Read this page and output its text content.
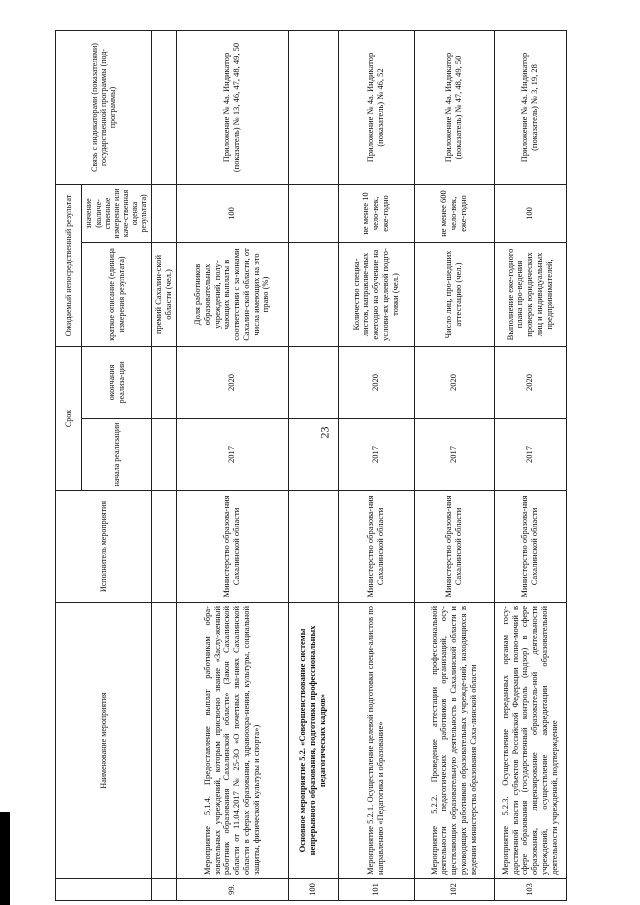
23
	Наименование мероприятия	Исполнитель мероприятия	Срок		Ожидаемый непосредственный результат		Связь с индикаторами (показателями) государственной программы (под-программы)
			начала реализации	окончания реализа-ции	краткое описание (единица измерения результата)	значение (количе-ственные измерение или каче-ственная оценка результата)	
					премий Сахалин-ской области (чел.)		
99.	Мероприятие 5.1.4. Предоставление выплат работникам обра-зовательных учреждений, которым присвоено звание «Заслу-женный работник образования Сахалинской области» (Закон Сахалинской области от 11.04.2017 № 25-ЗО «О почетных зва-ниях Сахалинской области в сферах образования, здравоохра-нения, культуры, социальной защиты, физической культуры и спорта»)	Министерство образова-ния Сахалинской области	2017	2020	Доля работников образовательных учреждений, полу-чающих выплаты в соответствии с за-конами Сахалин-ской области, от числа имеющих на это право (%)	100	Приложение № 4а. Индикатор (показатель) № 13, 46, 47, 48, 49, 50
100	Основное мероприятие 5.2. «Совершенствование системы непрерывного образования, подготовки профессиональных педагогических кадров»						
101	Мероприятие 5.2.1. Осуществление целевой подготовки специ-алистов по направлению «Педагогика и образование»	Министерство образова-ния Сахалинской области	2017	2020	Количество специа-листов, направляе-мых ежегодно на обучение на услови-ях целевой подго-товки (чел.)	не менее 10 чело-век, еже-годно	Приложение № 4а. Индикатор (показатель) № 46, 52
102	Мероприятие 5.2.2. Проведение аттестации профессиональной деятельности педагогических работников организаций, осу-ществляющих образовательную деятельность в Сахалинской области и руководящих работников образовательных учрежде-ний, находящихся в ведении министерства образования Саха-линской области	Министерство образова-ния Сахалинской области	2017	2020	Число лиц, про-шедших аттестацию (чел.)	не менее 600 чело-век, еже-годно	Приложение № 4а. Индикатор (показатель) № 47, 48, 49, 50
103	Мероприятие 5.2.3. Осуществление переданных органам госу-дарственной власти субъектов Российской Федерации полно-мочий в сфере образования (государственный контроль (надзор) в сфере образования, лицензирование образователь-ной деятельности учреждений, осуществление аккредитации образовательной деятельности учреждений, подтверждение	Министерство образова-ния Сахалинской области	2017	2020	Выполнение еже-годного плана про-ведения проверок юридических лиц и индивидуальных предпринимателей,	100	Приложение № 4а. Индикатор (показатель) № 3, 19, 28
